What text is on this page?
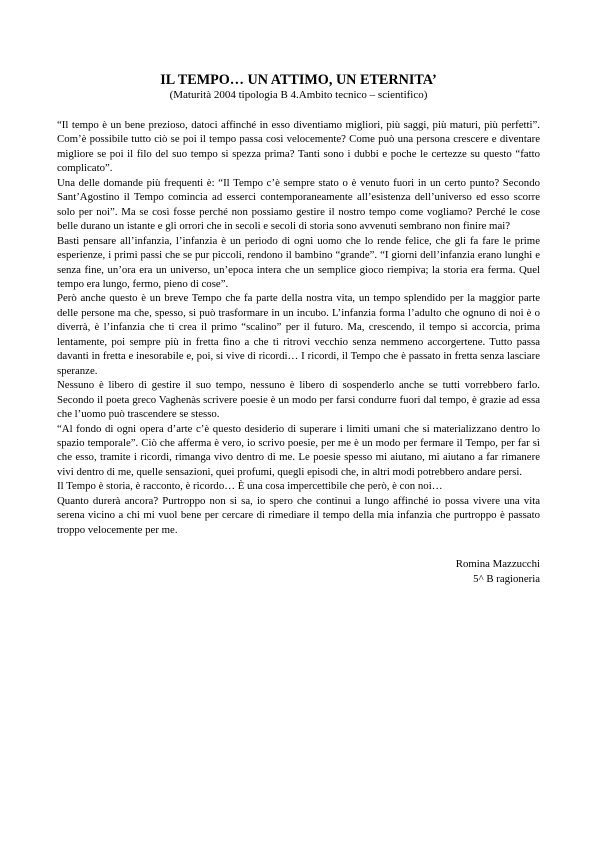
IL TEMPO… UN ATTIMO, UN ETERNITA’
(Maturità 2004 tipologia B 4.Ambito tecnico – scientifico)

“Il tempo è un bene prezioso, datoci affinché in esso diventiamo migliori, più saggi, più maturi, più perfetti”. Com’è possibile tutto ciò se poi il tempo passa così velocemente? Come può una persona crescere e diventare migliore se poi il filo del suo tempo si spezza prima? Tanti sono i dubbi e poche le certezze su questo “fatto complicato”.

Una delle domande più frequenti è: “Il Tempo c’è sempre stato o è venuto fuori in un certo punto? Secondo Sant’Agostino il Tempo comincia ad esserci contemporaneamente all’esistenza dell’universo ed esso scorre solo per noi”. Ma se così fosse perché non possiamo gestire il nostro tempo come vogliamo? Perché le cose belle durano un istante e gli orrori che in secoli e secoli di storia sono avvenuti sembrano non finire mai?

Basti pensare all’infanzia, l’infanzia è un periodo di ogni uomo che lo rende felice, che gli fa fare le prime esperienze, i primi passi che se pur piccoli, rendono il bambino “grande”. “I giorni dell’infanzia erano lunghi e senza fine, un’ora era un universo, un’epoca intera che un semplice gioco riempiva; la storia era ferma. Quel tempo era lungo, fermo, pieno di cose”.

Però anche questo è un breve Tempo che fa parte della nostra vita, un tempo splendido per la maggior parte delle persone ma che, spesso, si può trasformare in un incubo. L’infanzia forma l’adulto che ognuno di noi è o diverrà, è l’infanzia che ti crea il primo “scalino” per il futuro. Ma, crescendo, il tempo si accorcia, prima lentamente, poi sempre più in fretta fino a che ti ritrovi vecchio senza nemmeno accorgertene. Tutto passa davanti in fretta e inesorabile e, poi, si vive di ricordi… I ricordi, il Tempo che è passato in fretta senza lasciare speranze.

Nessuno è libero di gestire il suo tempo, nessuno è libero di sospenderlo anche se tutti vorrebbero farlo. Secondo il poeta greco Vaghenàs scrivere poesie è un modo per farsi condurre fuori dal tempo, è grazie ad essa che l’uomo può trascendere se stesso.

“Al fondo di ogni opera d’arte c’è questo desiderio di superare i limiti umani che si materializzano dentro lo spazio temporale”. Ciò che afferma è vero, io scrivo poesie, per me è un modo per fermare il Tempo, per far sì che esso, tramite i ricordi, rimanga vivo dentro di me. Le poesie spesso mi aiutano, mi aiutano a far rimanere vivi dentro di me, quelle sensazioni, quei profumi, quegli episodi che, in altri modi potrebbero andare persi.

Il Tempo è storia, è racconto, è ricordo… È una cosa impercettibile che però, è con noi…

Quanto durerà ancora? Purtroppo non si sa, io spero che continui a lungo affinché io possa vivere una vita serena vicino a chi mi vuol bene per cercare di rimediare il tempo della mia infanzia che purtroppo è passato troppo velocemente per me.

Romina Mazzucchi
5^ B ragioneria
